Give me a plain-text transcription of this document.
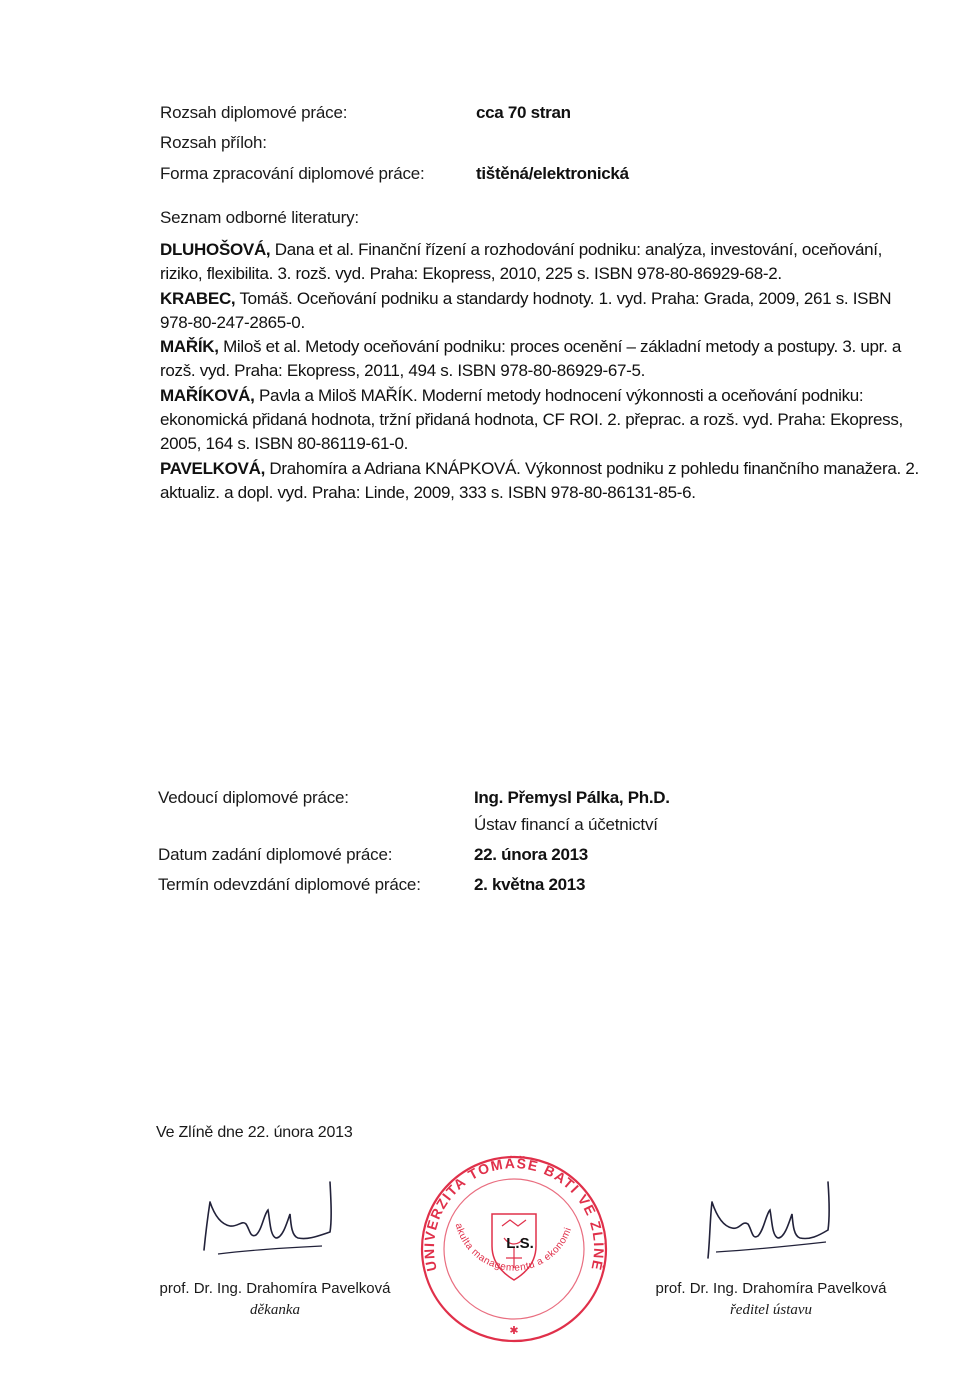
Rozsah diplomové práce:	cca 70 stran
Rozsah příloh:
Forma zpracování diplomové práce:	tištěná/elektronická
Seznam odborné literatury:

DLUHOŠOVÁ, Dana et al. Finanční řízení a rozhodování podniku: analýza, investování, oceňování, riziko, flexibilita. 3. rozš. vyd. Praha: Ekopress, 2010, 225 s. ISBN 978-80-86929-68-2.

KRABEC, Tomáš. Oceňování podniku a standardy hodnoty. 1. vyd. Praha: Grada, 2009, 261 s. ISBN 978-80-247-2865-0.

MAŘÍK, Miloš et al. Metody oceňování podniku: proces ocenění – základní metody a postupy. 3. upr. a rozš. vyd. Praha: Ekopress, 2011, 494 s. ISBN 978-80-86929-67-5.

MAŘÍKOVÁ, Pavla a Miloš MAŘÍK. Moderní metody hodnocení výkonnosti a oceňování podniku: ekonomická přidaná hodnota, tržní přidaná hodnota, CF ROI. 2. přeprac. a rozš. vyd. Praha: Ekopress, 2005, 164 s. ISBN 80-86119-61-0.

PAVELKOVÁ, Drahomíra a Adriana KNÁPKOVÁ. Výkonnost podniku z pohledu finančního manažera. 2. aktualiz. a dopl. vyd. Praha: Linde, 2009, 333 s. ISBN 978-80-86131-85-6.

Vedoucí diplomové práce:	Ing. Přemysl Pálka, Ph.D.
Ústav financí a účetnictví
Datum zadání diplomové práce:	22. února 2013
Termín odevzdání diplomové práce:	2. května 2013
Ve Zlíně dne 22. února 2013
prof. Dr. Ing. Drahomíra Pavelková
děkanka
prof. Dr. Ing. Drahomíra Pavelková
ředitel ústavu
UNIVERZITA TOMÁŠE BATI VE ZLÍNĚ
Fakulta managementu a ekonomiky
L.S.
✱
